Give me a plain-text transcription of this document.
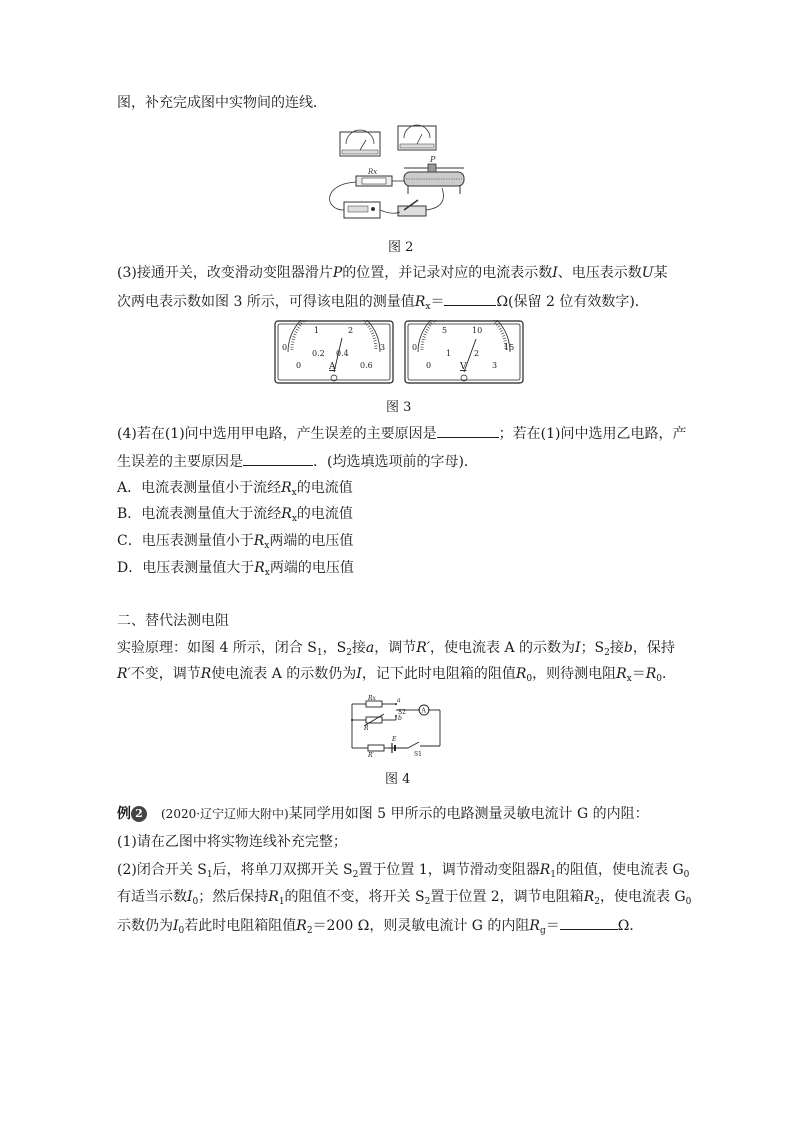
图，补充完成图中实物间的连线．
Rx
P
图 2
(3)接通开关，改变滑动变阻器滑片P的位置，并记录对应的电流表示数I、电压表示数U某
次两电表示数如图 3 所示，可得该电阻的测量值$R_x=$	Ω(保留 2 位有效数字)．
0
1	2
3
0
0.2 0.4
0.6
A
0
5	10
15
0
1	2
3
V
图 3
(4)若在(1)问中选用甲电路，产生误差的主要原因是	；若在(1)问中选用乙电路，产
生误差的主要原因是	．(均选填选项前的字母)．
A．电流表测量值小于流经$R_x$的电流值
B．电流表测量值大于流经$R_x$的电流值
C．电压表测量值小于$R_x$两端的电压值
D．电压表测量值大于$R_x$两端的电压值
二、替代法测电阻
实验原理：如图 4 所示，闭合 $S_1$，$S_2$接a，调节R′，使电流表 A 的示数为I；$S_2$接b，保持
R′不变，调节R使电流表 A 的示数仍为I，记下此时电阻箱的阻值$R_0$，则待测电阻$R_x=R_0$．
a
b
Rx
S2
R
R′
E
S1
A
图 4
例 2　 (2020·辽宁辽师大附中)某同学用如图 5 甲所示的电路测量灵敏电流计 G 的内阻：
(1)请在乙图中将实物连线补充完整；
(2)闭合开关 $S_1$后，将单刀双掷开关 $S_2$置于位置 1，调节滑动变阻器$R_1$的阻值，使电流表 $G_0$
有适当示数$I_0$；然后保持$R_1$的阻值不变，将开关 $S_2$置于位置 2，调节电阻箱$R_2$，使电流表 $G_0$
示数仍为$I_0$若此时电阻箱阻值$R_2=200$ Ω，则灵敏电流计 G 的内阻$R_g=$	Ω．
